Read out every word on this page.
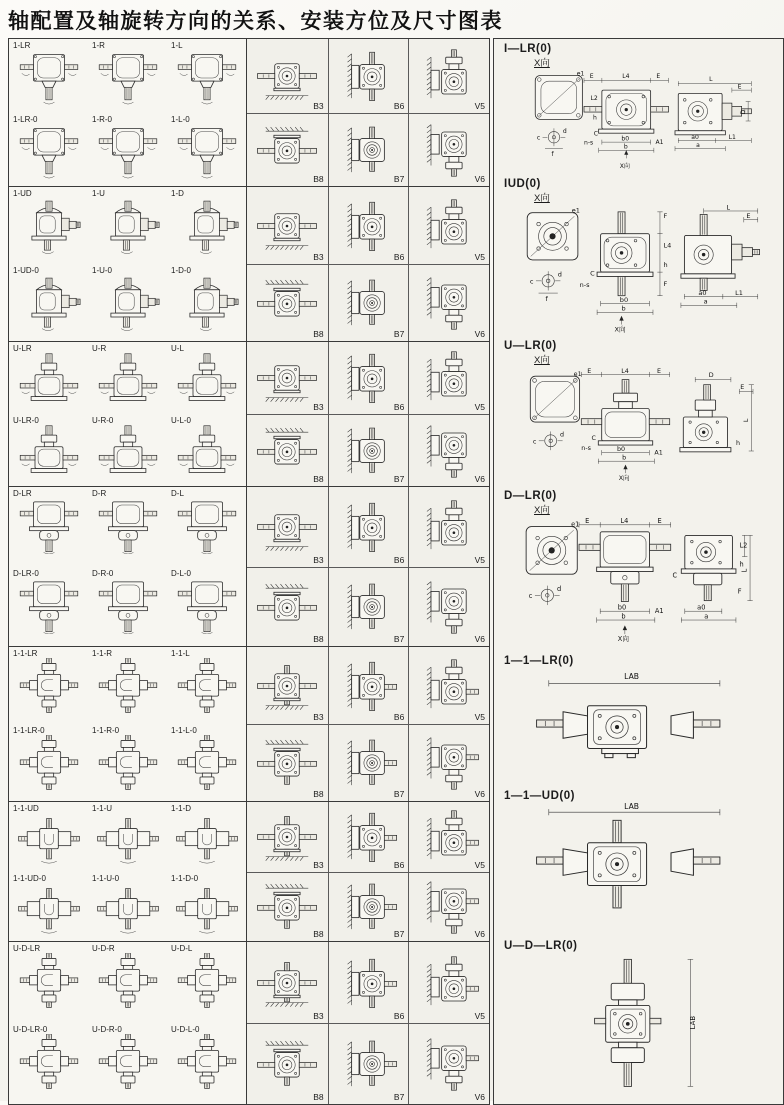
轴配置及轴旋转方向的关系、安装方位及尺寸图表
1-LR	1-R	1-L
1-LR-0	1-R-0	1-L-0
B3	B6	V5
B8	B7	V6
1-UD	1-U	1-D
1-UD-0	1-U-0	1-D-0
B3	B6	V5
B8	B7	V6
U-LR	U-R	U-L
U-LR-0	U-R-0	U-L-0
B3	B6	V5
B8	B7	V6
D-LR	D-R	D-L
D-LR-0	D-R-0	D-L-0
B3	B6	V5
B8	B7	V6
1-1-LR	1-1-R	1-1-L
1-1-LR-0	1-1-R-0	1-1-L-0
B3	B6	V5
B8	B7	V6
1-1-UD	1-1-U	1-1-D
1-1-UD-0	1-1-U-0	1-1-D-0
B3	B6	V5
B8	B7	V6
U-D-LR	U-D-R	U-D-L
U-D-LR-0	U-D-R-0	U-D-L-0
B3	B6	V5
B8	B7	V6
I—LR(0)
X向
e1
c
d
f
E	L4	E
L2
h
C
n-s
b0
b
A1
X向
L
E
D
a0	L1
a
IUD(0)
X向
e1
c
d
f
F
L4
h
F
C
n-s
b0
b
X向
L
E
a0	L1
a
U—LR(0)
X向
e1
c
d
E	L4	E
C
n-s	b0	A1
b
X向
D
E
L
h
D—LR(0)
X向
e1
c
d
E	L4	E
b0	A1
b
X向
L2
h
C
L
F
a0
a
1—1—LR(0)
LAB
1—1—UD(0)
LAB
U—D—LR(0)
LAB
